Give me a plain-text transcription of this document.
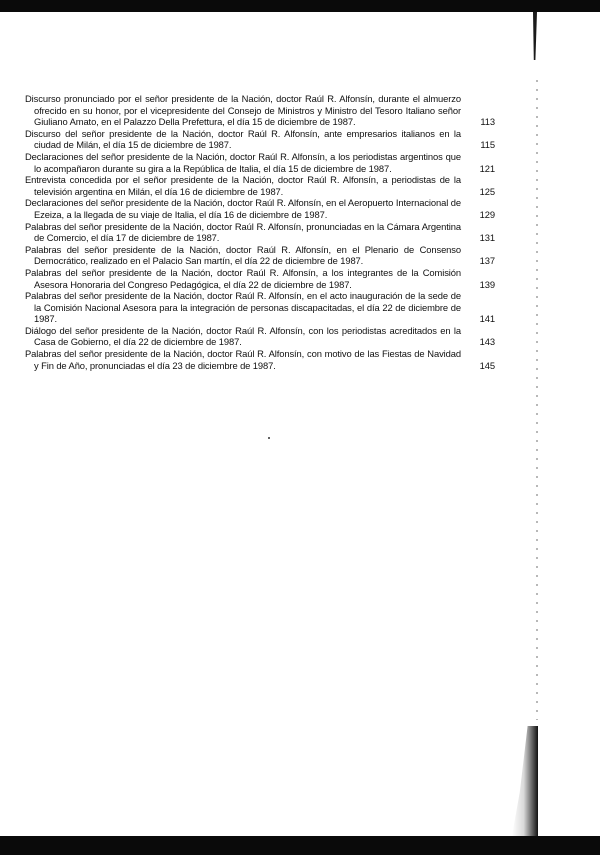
Discurso pronunciado por el señor presidente de la Nación, doctor Raúl R. Alfonsín, durante el almuerzo ofrecido en su honor, por el vicepresidente del Consejo de Ministros y Ministro del Tesoro Italiano señor Giuliano Amato, en el Palazzo Della Prefettura, el día 15 de diciembre de 1987.	113
Discurso del señor presidente de la Nación, doctor Raúl R. Alfonsín, ante empresarios italianos en la ciudad de Milán, el día 15 de diciembre de 1987.	115
Declaraciones del señor presidente de la Nación, doctor Raúl R. Alfonsín, a los periodistas argentinos que lo acompañaron durante su gira a la República de Italia, el día 15 de diciembre de 1987.	121
Entrevista concedida por el señor presidente de la Nación, doctor Raúl R. Alfonsín, a periodistas de la televisión argentina en Milán, el día 16 de diciembre de 1987.	125
Declaraciones del señor presidente de la Nación, doctor Raúl R. Alfonsín, en el Aeropuerto Internacional de Ezeiza, a la llegada de su viaje de Italia, el día 16 de diciembre de 1987.	129
Palabras del señor presidente de la Nación, doctor Raúl R. Alfonsín, pronunciadas en la Cámara Argentina de Comercio, el día 17 de diciembre de 1987.	131
Palabras del señor presidente de la Nación, doctor Raúl R. Alfonsín, en el Plenario de Consenso Democrático, realizado en el Palacio San martín, el día 22 de diciembre de 1987.	137
Palabras del señor presidente de la Nación, doctor Raúl R. Alfonsín, a los integrantes de la Comisión Asesora Honoraria del Congreso Pedagógica, el día 22 de diciembre de 1987.	139
Palabras del señor presidente de la Nación, doctor Raúl R. Alfonsín, en el acto inauguración de la sede de la Comisión Nacional Asesora para la integración de personas discapacitadas, el día 22 de diciembre de 1987.	141
Diálogo del señor presidente de la Nación, doctor Raúl R. Alfonsín, con los periodistas acreditados en la Casa de Gobierno, el día 22 de diciembre de 1987.	143
Palabras del señor presidente de la Nación, doctor Raúl R. Alfonsín, con motivo de las Fiestas de Navidad y Fin de Año, pronunciadas el día 23 de diciembre de 1987.	145
